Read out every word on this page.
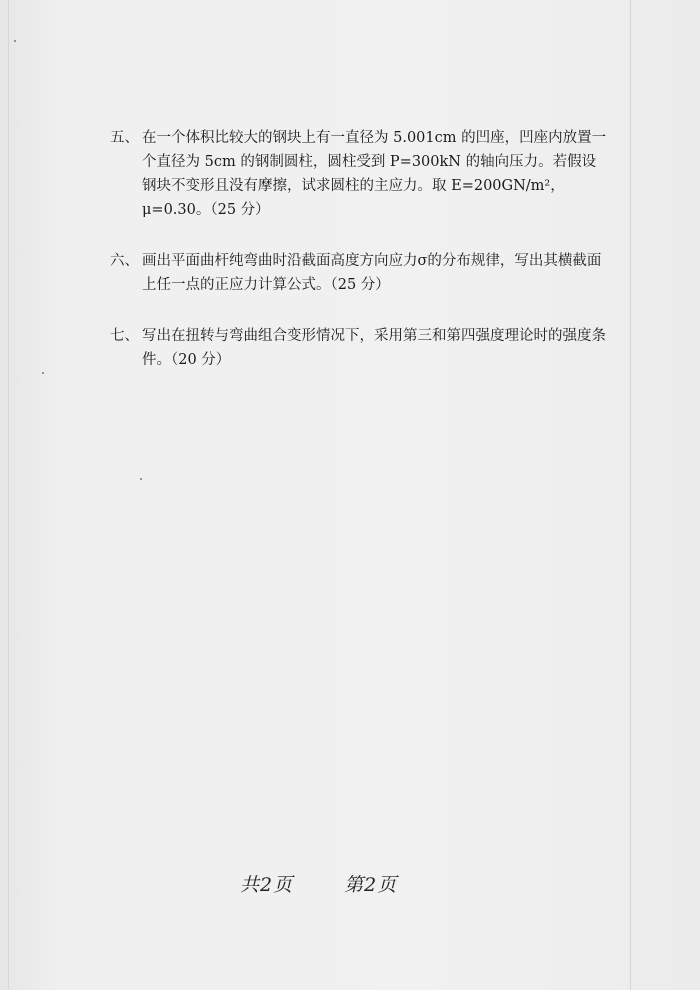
五、 在一个体积比较大的钢块上有一直径为 5.001cm 的凹座，凹座内放置一个直径为 5cm 的钢制圆柱，圆柱受到 P=300kN 的轴向压力。若假设钢块不变形且没有摩擦，试求圆柱的主应力。取 E=200GN/m²，μ=0.30。（25 分）
六、 画出平面曲杆纯弯曲时沿截面高度方向应力σ的分布规律，写出其横截面上任一点的正应力计算公式。（25 分）
七、 写出在扭转与弯曲组合变形情况下，采用第三和第四强度理论时的强度条件。（20 分）
共2页	第2页
